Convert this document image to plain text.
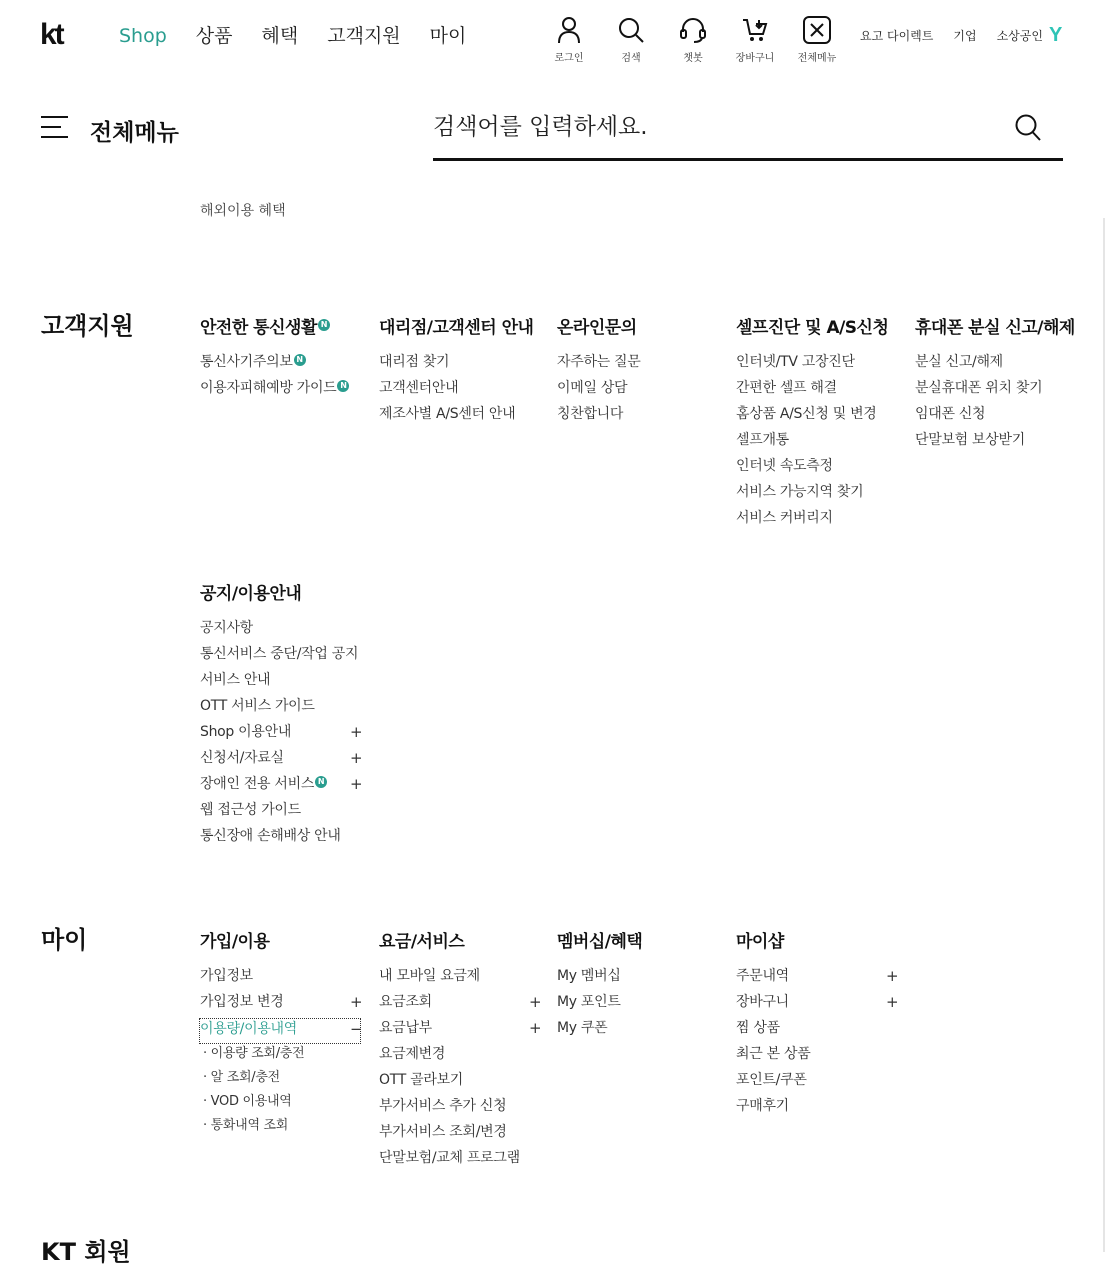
kt	Shop 상품 혜택 고객지원 마이
로그인	검색	챗봇	장바구니 전체메뉴
요고 다이렉트 기업 소상공인 Y
전체메뉴
검색어를 입력하세요.
해외이용 혜택
고객지원	안전한 통신생활 N
통신사기주의보 N
이용자피해예방 가이드 N
대리점/고객센터 안내
대리점 찾기
고객센터안내
제조사별 A/S센터 안내
온라인문의
자주하는 질문
이메일 상담
칭찬합니다
셀프진단 및 A/S신청
인터넷/TV 고장진단
간편한 셀프 해결
홈상품 A/S신청 및 변경
셀프개통
인터넷 속도측정
서비스 가능지역 찾기
서비스 커버리지
휴대폰 분실 신고/해제
분실 신고/해제
분실휴대폰 위치 찾기
임대폰 신청
단말보험 보상받기
공지/이용안내
공지사항
통신서비스 중단/작업 공지
서비스 안내
OTT 서비스 가이드
Shop 이용안내	+
신청서/자료실	+
장애인 전용 서비스 N +
웹 접근성 가이드
통신장애 손해배상 안내
가입/이용
가입정보
가입정보 변경	+
이용량/이용내역	−
· 이용량 조회/충전
· 알 조회/충전
· VOD 이용내역
· 통화내역 조회
요금/서비스
내 모바일 요금제
요금조회	+
요금납부	+
요금제변경
OTT 골라보기
부가서비스 추가 신청
부가서비스 조회/변경
단말보험/교체 프로그램
멤버십/혜택
My 멤버십
My 포인트
My 쿠폰
마이샵
주문내역	+
장바구니	+
찜 상품
최근 본 상품
포인트/쿠폰
구매후기
마이
KT 회원
